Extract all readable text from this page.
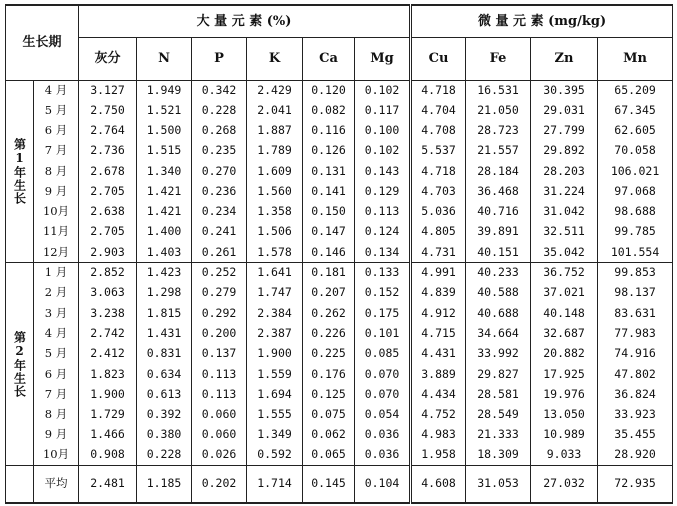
生长期		大 量 元 素 (%)						微 量 元 素 (mg/kg)			
		灰分	N	P	K	Ca	Mg	Cu	Fe	Zn	Mn
第1年生长	4 月	3.127	1.949	0.342	2.429	0.120	0.102	4.718	16.531	30.395	65.209
	5 月	2.750	1.521	0.228	2.041	0.082	0.117	4.704	21.050	29.031	67.345
	6 月	2.764	1.500	0.268	1.887	0.116	0.100	4.708	28.723	27.799	62.605
	7 月	2.736	1.515	0.235	1.789	0.126	0.102	5.537	21.557	29.892	70.058
	8 月	2.678	1.340	0.270	1.609	0.131	0.143	4.718	28.184	28.203	106.021
	9 月	2.705	1.421	0.236	1.560	0.141	0.129	4.703	36.468	31.224	97.068
	10月	2.638	1.421	0.234	1.358	0.150	0.113	5.036	40.716	31.042	98.688
	11月	2.705	1.400	0.241	1.506	0.147	0.124	4.805	39.891	32.511	99.785
	12月	2.903	1.403	0.261	1.578	0.146	0.134	4.731	40.151	35.042	101.554
第2年生长	1 月	2.852	1.423	0.252	1.641	0.181	0.133	4.991	40.233	36.752	99.853
	2 月	3.063	1.298	0.279	1.747	0.207	0.152	4.839	40.588	37.021	98.137
	3 月	3.238	1.815	0.292	2.384	0.262	0.175	4.912	40.688	40.148	83.631
	4 月	2.742	1.431	0.200	2.387	0.226	0.101	4.715	34.664	32.687	77.983
	5 月	2.412	0.831	0.137	1.900	0.225	0.085	4.431	33.992	20.882	74.916
	6 月	1.823	0.634	0.113	1.559	0.176	0.070	3.889	29.827	17.925	47.802
	7 月	1.900	0.613	0.113	1.694	0.125	0.070	4.434	28.581	19.976	36.824
	8 月	1.729	0.392	0.060	1.555	0.075	0.054	4.752	28.549	13.050	33.923
	9 月	1.466	0.380	0.060	1.349	0.062	0.036	4.983	21.333	10.989	35.455
	10月	0.908	0.228	0.026	0.592	0.065	0.036	1.958	18.309	9.033	28.920
	平均	2.481	1.185	0.202	1.714	0.145	0.104	4.608	31.053	27.032	72.935
